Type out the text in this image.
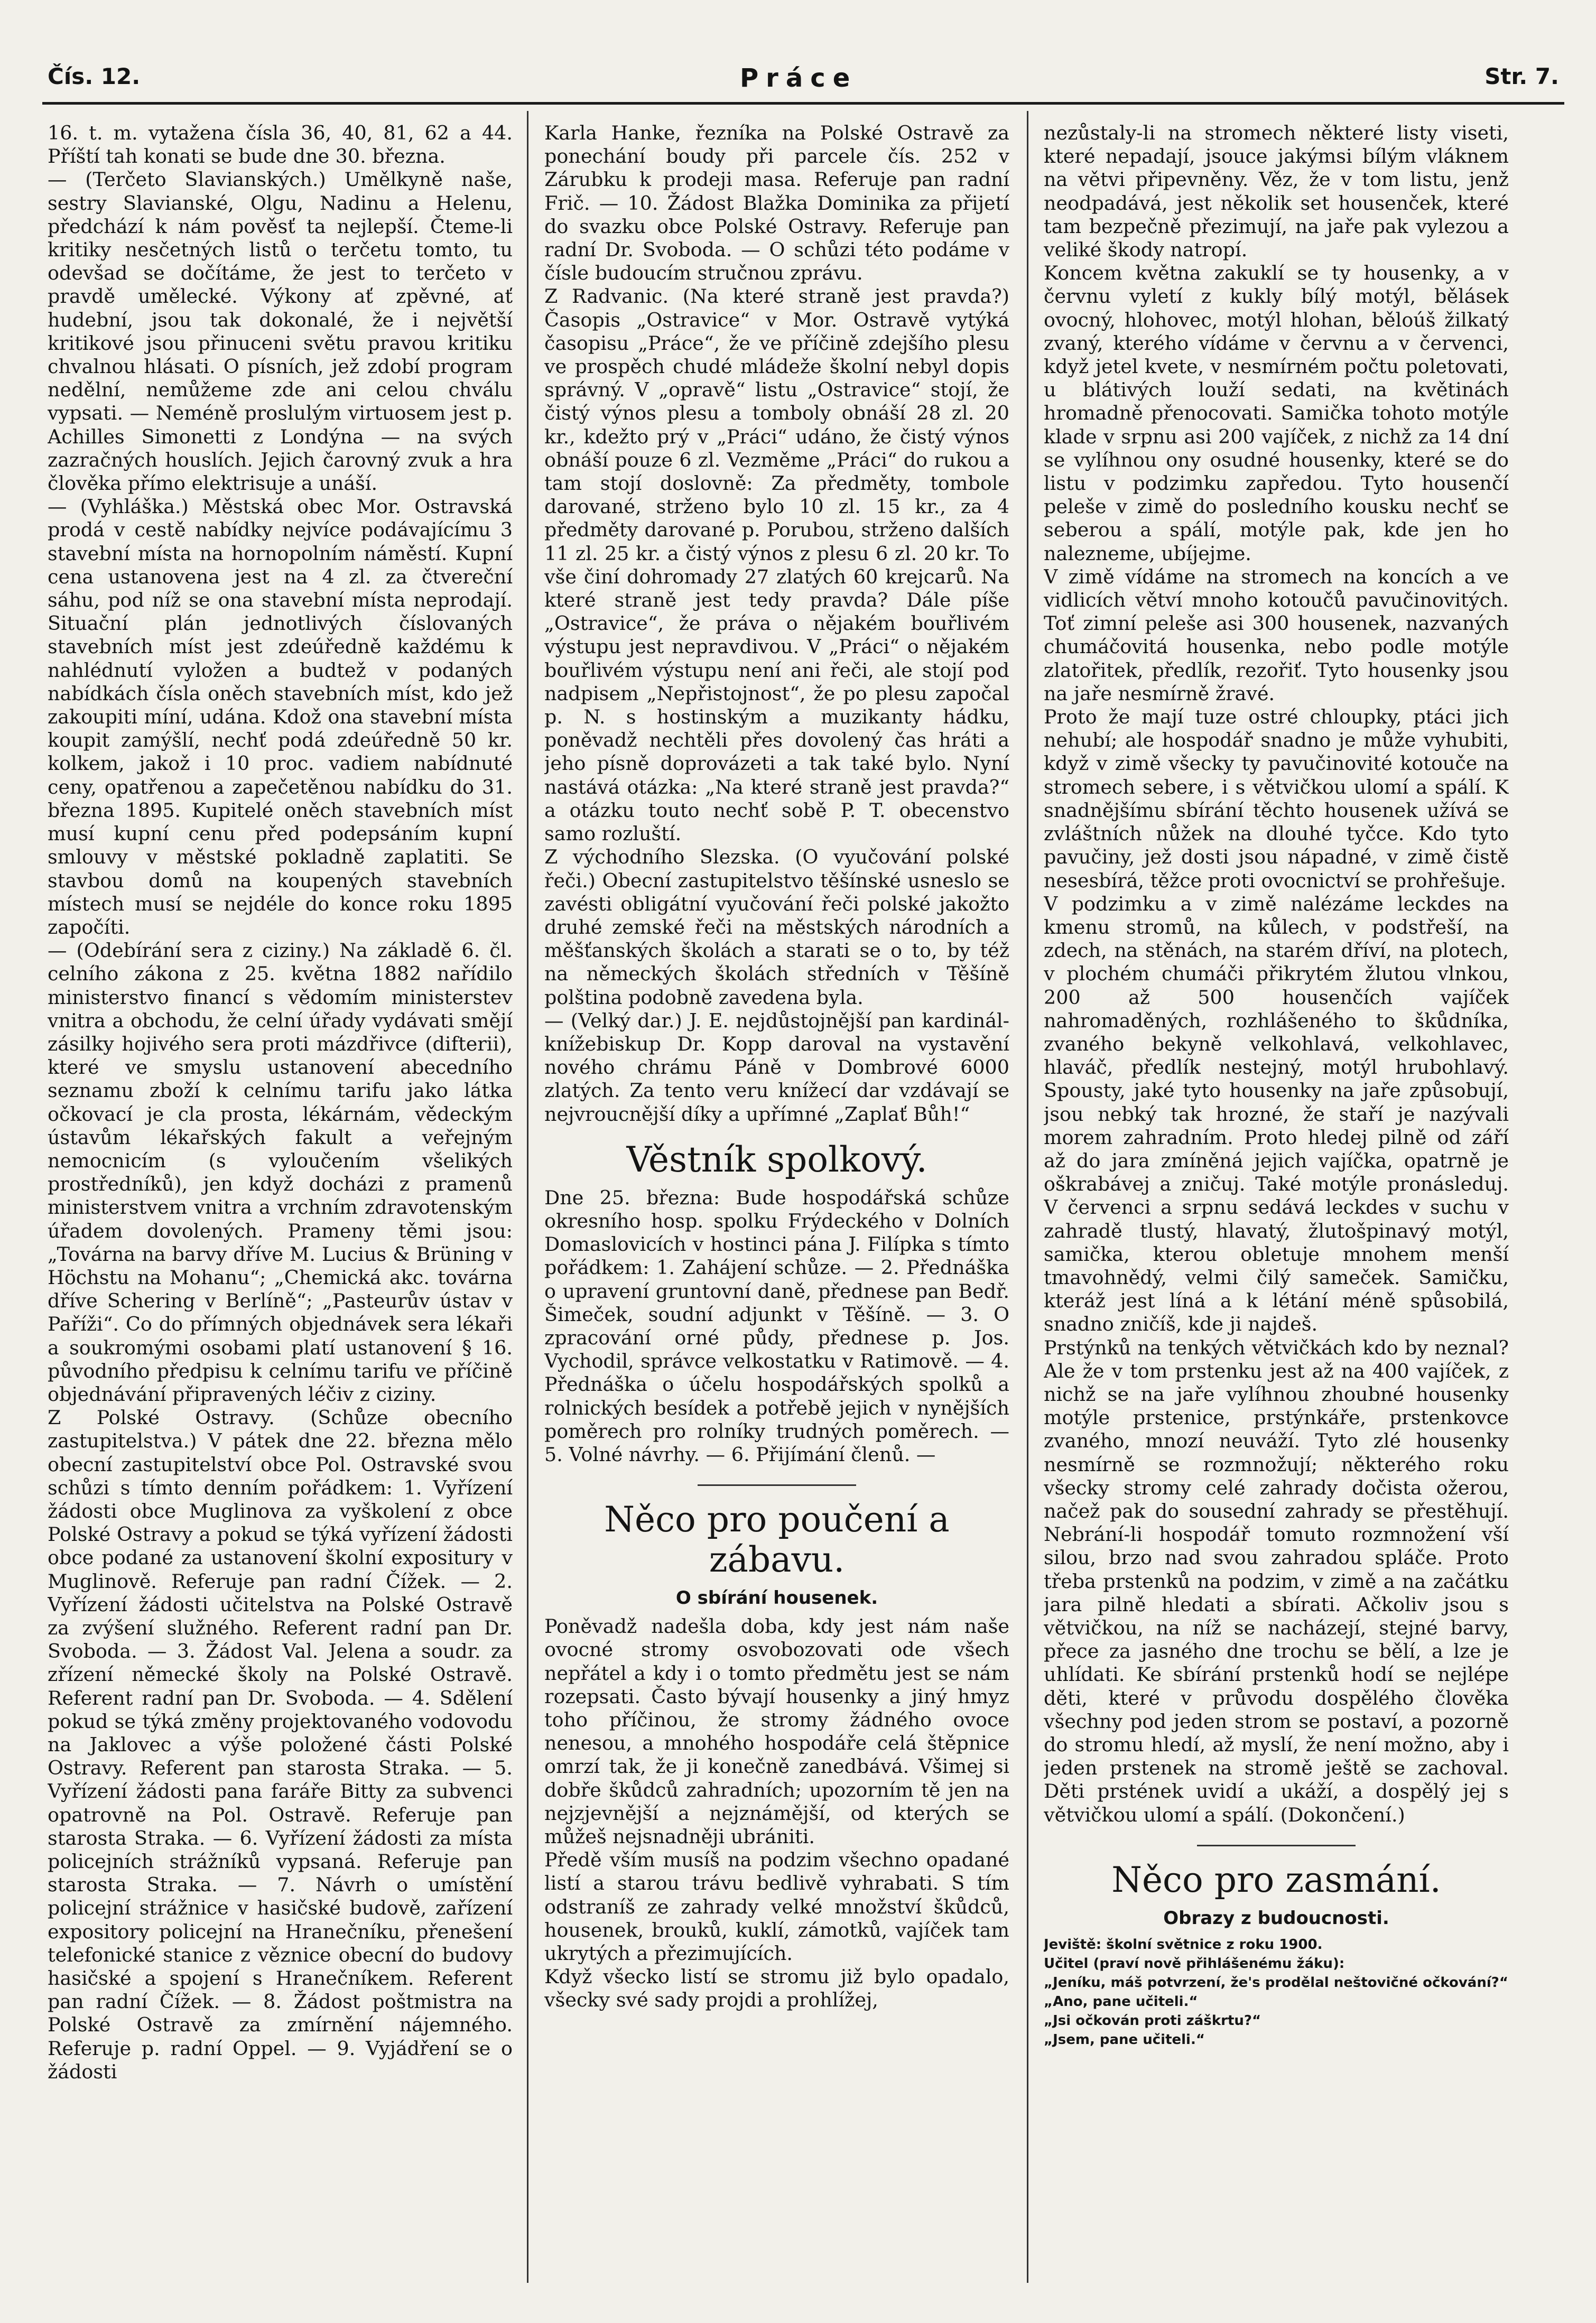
Čís. 12.	Práce	Str. 7.

16. t. m. vytažena čísla 36, 40, 81, 62 a 44. Příští tah konati se bude dne 30. března.

— (Terčeto Slavianských.) Umělkyně naše, sestry Slavianské, Olgu, Nadinu a Helenu, předchází k nám pověsť ta nejlepší. Čteme-li kritiky nesčetných listů o terčetu tomto, tu odevšad se dočítáme, že jest to terčeto v pravdě umělecké. Výkony ať zpěvné, ať hudební, jsou tak dokonalé, že i největší kritikové jsou přinuceni světu pravou kritiku chvalnou hlásati. O písních, jež zdobí program nedělní, nemůžeme zde ani celou chválu vypsati. — Neméně proslulým virtuosem jest p. Achilles Simonetti z Londýna — na svých zazračných houslích. Jejich čarovný zvuk a hra člověka přímo elektrisuje a unáší.

— (Vyhláška.) Městská obec Mor. Ostravská prodá v cestě nabídky nejvíce podávajícímu 3 stavební místa na hornopolním náměstí. Kupní cena ustanovena jest na 4 zl. za čtvereční sáhu, pod níž se ona stavební místa neprodají. Situační plán jednotlivých číslovaných stavebních míst jest zdeúředně každému k nahlédnutí vyložen a budtež v podaných nabídkách čísla oněch stavebních míst, kdo jež zakoupiti míní, udána. Kdož ona stavební místa koupit zamýšlí, nechť podá zdeúředně 50 kr. kolkem, jakož i 10 proc. vadiem nabídnuté ceny, opatřenou a zapečetěnou nabídku do 31. března 1895. Kupitelé oněch stavebních míst musí kupní cenu před podepsáním kupní smlouvy v městské pokladně zaplatiti. Se stavbou domů na koupených stavebních místech musí se nejdéle do konce roku 1895 započíti.

— (Odebírání sera z ciziny.) Na základě 6. čl. celního zákona z 25. května 1882 nařídilo ministerstvo financí s vědomím ministerstev vnitra a obchodu, že celní úřady vydávati smějí zásilky hojivého sera proti mázdřivce (difterii), které ve smyslu ustanovení abecedního seznamu zboží k celnímu tarifu jako látka očkovací je cla prosta, lékárnám, vědeckým ústavům lékařských fakult a veřejným nemocnicím (s vyloučením všelikých prostředníků), jen když docházi z pramenů ministerstvem vnitra a vrchním zdravotenským úřadem dovolených. Prameny těmi jsou: „Továrna na barvy dříve M. Lucius & Brüning v Höchstu na Mohanu“; „Chemická akc. továrna dříve Schering v Berlíně“; „Pasteurův ústav v Paříži“. Co do přímných objednávek sera lékaři a soukromými osobami platí ustanovení § 16. původního předpisu k celnímu tarifu ve příčině objednávání připravených léčiv z ciziny.

Z Polské Ostravy. (Schůze obecního zastupitelstva.) V pátek dne 22. března mělo obecní zastupitelství obce Pol. Ostravské svou schůzi s tímto denním pořádkem: 1. Vyřízení žádosti obce Muglinova za vyškolení z obce Polské Ostravy a pokud se týká vyřízení žádosti obce podané za ustanovení školní expositury v Muglinově. Referuje pan radní Čížek. — 2. Vyřízení žádosti učitelstva na Polské Ostravě za zvýšení služného. Referent radní pan Dr. Svoboda. — 3. Žádost Val. Jelena a soudr. za zřízení německé školy na Polské Ostravě. Referent radní pan Dr. Svoboda. — 4. Sdělení pokud se týká změny projektovaného vodovodu na Jaklovec a výše položené části Polské Ostravy. Referent pan starosta Straka. — 5. Vyřízení žádosti pana faráře Bitty za subvenci opatrovně na Pol. Ostravě. Referuje pan starosta Straka. — 6. Vyřízení žádosti za místa policejních strážníků vypsaná. Referuje pan starosta Straka. — 7. Návrh o umístění policejní strážnice v hasičské budově, zařízení expository policejní na Hranečníku, přenešení telefonické stanice z věznice obecní do budovy hasičské a spojení s Hranečníkem. Referent pan radní Čížek. — 8. Žádost poštmistra na Polské Ostravě za zmírnění nájemného. Referuje p. radní Oppel. — 9. Vyjádření se o žádosti

Karla Hanke, řezníka na Polské Ostravě za ponechání boudy při parcele čís. 252 v Zárubku k prodeji masa. Referuje pan radní Frič. — 10. Žádost Blažka Dominika za přijetí do svazku obce Polské Ostravy. Referuje pan radní Dr. Svoboda. — O schůzi této podáme v čísle budoucím stručnou zprávu.

Z Radvanic. (Na které straně jest pravda?) Časopis „Ostravice“ v Mor. Ostravě vytýká časopisu „Práce“, že ve příčině zdejšího plesu ve prospěch chudé mládeže školní nebyl dopis správný. V „opravě“ listu „Ostravice“ stojí, že čistý výnos plesu a tomboly obnáší 28 zl. 20 kr., kdežto prý v „Práci“ udáno, že čistý výnos obnáší pouze 6 zl. Vezměme „Práci“ do rukou a tam stojí doslovně: Za předměty, tombole darované, strženo bylo 10 zl. 15 kr., za 4 předměty darované p. Porubou, strženo dalších 11 zl. 25 kr. a čistý výnos z plesu 6 zl. 20 kr. To vše činí dohromady 27 zlatých 60 krejcarů. Na které straně jest tedy pravda? Dále píše „Ostravice“, že práva o nějakém bouřlivém výstupu jest nepravdivou. V „Práci“ o nějakém bouřlivém výstupu není ani řeči, ale stojí pod nadpisem „Nepřistojnost“, že po plesu započal p. N. s hostinským a muzikanty hádku, poněvadž nechtěli přes dovolený čas hráti a jeho písně doprovázeti a tak také bylo. Nyní nastává otázka: „Na které straně jest pravda?“ a otázku touto nechť sobě P. T. obecenstvo samo rozluští.

Z východního Slezska. (O vyučování polské řeči.) Obecní zastupitelstvo těšínské usneslo se zavésti obligátní vyučování řeči polské jakožto druhé zemské řeči na městských národních a měšťanských školách a starati se o to, by též na německých školách středních v Těšíně polština podobně zavedena byla.

— (Velký dar.) J. E. nejdůstojnější pan kardinál-knížebiskup Dr. Kopp daroval na vystavění nového chrámu Páně v Dombrové 6000 zlatých. Za tento veru knížecí dar vzdávají se nejvroucnější díky a upřímné „Zaplať Bůh!“

Věstník spolkový.

Dne 25. března: Bude hospodářská schůze okresního hosp. spolku Frýdeckého v Dolních Domaslovicích v hostinci pána J. Filípka s tímto pořádkem: 1. Zahájení schůze. — 2. Přednáška o upravení gruntovní daně, přednese pan Bedř. Šimeček, soudní adjunkt v Těšíně. — 3. O zpracování orné půdy, přednese p. Jos. Vychodil, správce velkostatku v Ratimově. — 4. Přednáška o účelu hospodářských spolků a rolnických besídek a potřebě jejich v nynějších poměrech pro rolníky trudných poměrech. — 5. Volné návrhy. — 6. Přijímání členů. —

Něco pro poučení a zábavu.
O sbírání housenek.

Poněvadž nadešla doba, kdy jest nám naše ovocné stromy osvobozovati ode všech nepřátel a kdy i o tomto předmětu jest se nám rozepsati. Často bývají housenky a jiný hmyz toho příčinou, že stromy žádného ovoce nenesou, a mnohého hospodáře celá štěpnice omrzí tak, že ji konečně zanedbává. Všimej si dobře škůdců zahradních; upozorním tě jen na nejzjevnější a nejznámější, od kterých se můžeš nejsnadněji ubrániti.

Předě vším musíš na podzim všechno opadané listí a starou trávu bedlivě vyhrabati. S tím odstraníš ze zahrady velké množství škůdců, housenek, brouků, kuklí, zámotků, vajíček tam ukrytých a přezimujících.

Když všecko listí se stromu již bylo opadalo, všecky své sady projdi a prohlížej,

nezůstaly-li na stromech některé listy viseti, které nepadají, jsouce jakýmsi bílým vláknem na větvi připevněny. Věz, že v tom listu, jenž neodpadává, jest několik set housenček, které tam bezpečně přezimují, na jaře pak vylezou a veliké škody natropí.

Koncem května zakuklí se ty housenky, a v červnu vyletí z kukly bílý motýl, bělásek ovocný, hlohovec, motýl hlohan, běloúš žilkatý zvaný, kterého vídáme v červnu a v červenci, když jetel kvete, v nesmírném počtu poletovati, u blátivých louží sedati, na květinách hromadně přenocovati. Samička tohoto motýle klade v srpnu asi 200 vajíček, z nichž za 14 dní se vylíhnou ony osudné housenky, které se do listu v podzimku zapředou. Tyto housenčí peleše v zimě do posledního kousku nechť se seberou a spálí, motýle pak, kde jen ho nalezneme, ubíjejme.

V zimě vídáme na stromech na koncích a ve vidlicích větví mnoho kotoučů pavučinovitých. Toť zimní peleše asi 300 housenek, nazvaných chumáčovitá housenka, nebo podle motýle zlatořitek, předlík, rezořiť. Tyto housenky jsou na jaře nesmírně žravé.

Proto že mají tuze ostré chloupky, ptáci jich nehubí; ale hospodář snadno je může vyhubiti, když v zimě všecky ty pavučinovité kotouče na stromech sebere, i s větvičkou ulomí a spálí. K snadnějšímu sbírání těchto housenek užívá se zvláštních nůžek na dlouhé tyčce. Kdo tyto pavučiny, jež dosti jsou nápadné, v zimě čistě nesesbírá, těžce proti ovocnictví se prohřešuje.

V podzimku a v zimě nalézáme leckdes na kmenu stromů, na kůlech, v podstřeší, na zdech, na stěnách, na starém dříví, na plotech, v plochém chumáči přikrytém žlutou vlnkou, 200 až 500 housenčích vajíček nahromaděných, rozhlášeného to škůdníka, zvaného bekyně velkohlavá, velkohlavec, hlaváč, předlík nestejný, motýl hrubohlavý. Spousty, jaké tyto housenky na jaře způsobují, jsou nebký tak hrozné, že staří je nazývali morem zahradním. Proto hledej pilně od září až do jara zmíněná jejich vajíčka, opatrně je oškrabávej a zničuj. Také motýle pronásleduj. V červenci a srpnu sedává leckdes v suchu v zahradě tlustý, hlavatý, žlutošpinavý motýl, samička, kterou obletuje mnohem menší tmavohnědý, velmi čilý sameček. Samičku, kteráž jest líná a k létání méně spůsobilá, snadno zničíš, kde ji najdeš.

Prstýnků na tenkých větvičkách kdo by neznal? Ale že v tom prstenku jest až na 400 vajíček, z nichž se na jaře vylíhnou zhoubné housenky motýle prstenice, prstýnkáře, prstenkovce zvaného, mnozí neuváží. Tyto zlé housenky nesmírně se rozmnožují; některého roku všecky stromy celé zahrady dočista ožerou, načež pak do sousední zahrady se přestěhují. Nebrání-li hospodář tomuto rozmnožení vší silou, brzo nad svou zahradou spláče. Proto třeba prstenků na podzim, v zimě a na začátku jara pilně hledati a sbírati. Ačkoliv jsou s větvičkou, na níž se nacházejí, stejné barvy, přece za jasného dne trochu se bělí, a lze je uhlídati. Ke sbírání prstenků hodí se nejlépe děti, které v průvodu dospělého člověka všechny pod jeden strom se postaví, a pozorně do stromu hledí, až myslí, že není možno, aby i jeden prstenek na stromě ještě se zachoval. Děti prstének uvidí a ukáží, a dospělý jej s větvičkou ulomí a spálí. (Dokončení.)

Něco pro zasmání.
Obrazy z budoucnosti.

Jeviště: školní světnice z roku 1900.

Učitel (praví nově přihlášenému žáku):

„Jeníku, máš potvrzení, že's prodělal neštovičné očkování?“

„Ano, pane učiteli.“

„Jsi očkován proti záškrtu?“

„Jsem, pane učiteli.“
